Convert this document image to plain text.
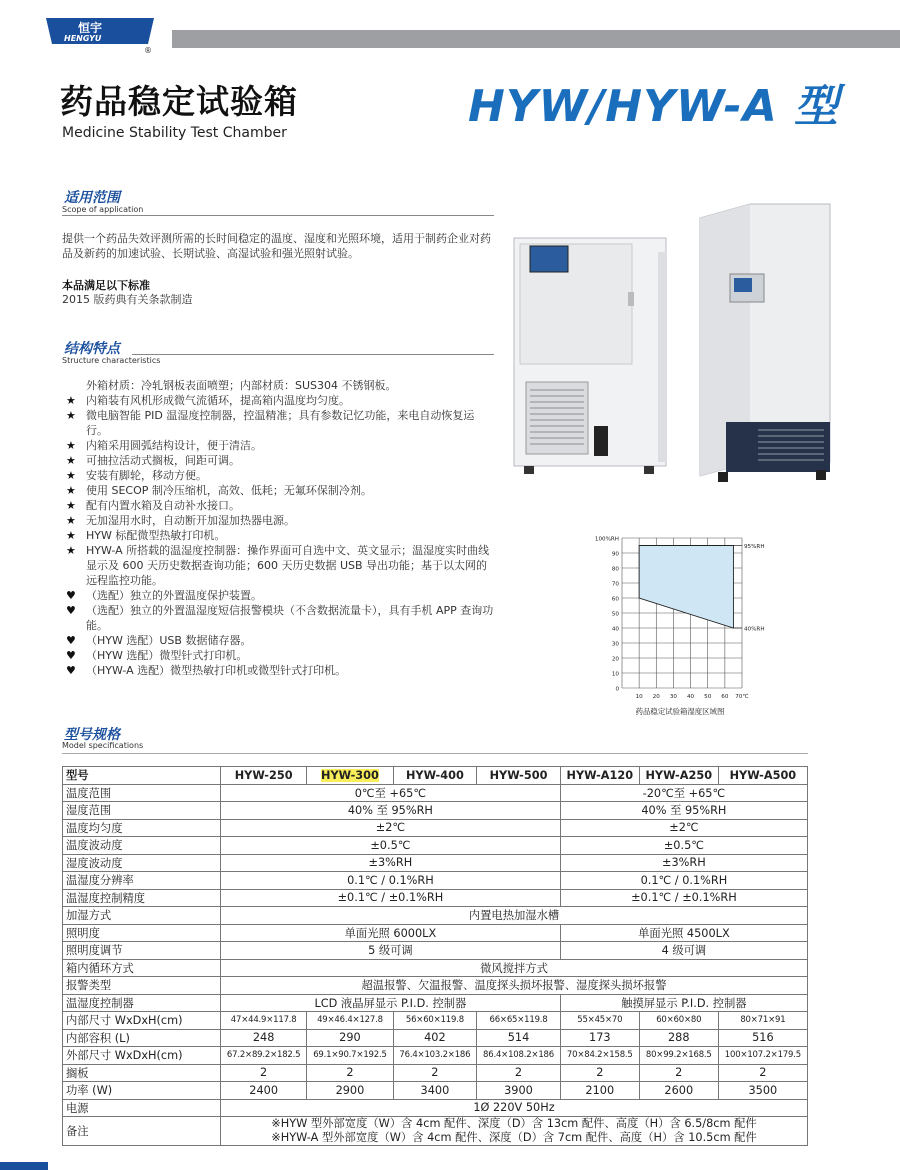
恒宇
HENGYU
®
药品稳定试验箱
Medicine Stability Test Chamber
HYW/HYW-A 型
适用范围
Scope of application
提供一个药品失效评测所需的长时间稳定的温度、湿度和光照环境，适用于制药企业对药品及新药的加速试验、长期试验、高湿试验和强光照射试验。
本品满足以下标准
2015 版药典有关条款制造
结构特点
Structure characteristics
外箱材质：冷轧钢板表面喷塑；内部材质：SUS304 不锈钢板。
★ 内箱装有风机形成微气流循环，提高箱内温度均匀度。
★ 微电脑智能 PID 温湿度控制器，控温精准；具有参数记忆功能，来电自动恢复运行。
★ 内箱采用圆弧结构设计，便于清洁。
★ 可抽拉活动式搁板，间距可调。
★ 安装有脚轮，移动方便。
★ 使用 SECOP 制冷压缩机，高效、低耗；无氟环保制冷剂。
★ 配有内置水箱及自动补水接口。
★ 无加湿用水时，自动断开加湿加热器电源。
★ HYW 标配微型热敏打印机。
★ HYW-A 所搭载的温湿度控制器：操作界面可自选中文、英文显示；温湿度实时曲线显示及 600 天历史数据查询功能；600 天历史数据 USB 导出功能；基于以太网的远程监控功能。
♥ （选配）独立的外置温度保护装置。
♥ （选配）独立的外置温湿度短信报警模块（不含数据流量卡），具有手机 APP 查询功能。
♥ （HYW 选配）USB 数据储存器。
♥ （HYW 选配）微型针式打印机。
♥ （HYW-A 选配）微型热敏打印机或微型针式打印机。
100%RH
90
80
70
60
50
40
30
20
10
0
10 20 30 40 50 60 70℃
95%RH
40%RH
药品稳定试验箱湿度区域图
型号规格
Model specifications
型号	HYW-250	HYW-300	HYW-400	HYW-500	HYW-A120	HYW-A250	HYW-A500
温度范围	0℃至 +65℃				-20℃至 +65℃		
湿度范围	40% 至 95%RH				40% 至 95%RH		
温度均匀度	±2℃				±2℃		
温度波动度	±0.5℃				±0.5℃		
湿度波动度	±3%RH				±3%RH		
温湿度分辨率	0.1℃ / 0.1%RH				0.1℃ / 0.1%RH		
温湿度控制精度	±0.1℃ / ±0.1%RH				±0.1℃ / ±0.1%RH		
加湿方式	内置电热加湿水槽						
照明度	单面光照 6000LX				单面光照 4500LX		
照明度调节	5 级可调				4 级可调		
箱内循环方式	微风搅拌方式						
报警类型	超温报警、欠温报警、温度探头损坏报警、湿度探头损坏报警						
温湿度控制器	LCD 液晶屏显示 P.I.D. 控制器				触摸屏显示 P.I.D. 控制器		
内部尺寸 WxDxH(cm)	47×44.9×117.8	49×46.4×127.8	56×60×119.8	66×65×119.8	55×45×70	60×60×80	80×71×91
内部容积 (L)	248	290	402	514	173	288	516
外部尺寸 WxDxH(cm)	67.2×89.2×182.5	69.1×90.7×192.5	76.4×103.2×186	86.4×108.2×186	70×84.2×158.5	80×99.2×168.5	100×107.2×179.5
搁板	2	2	2	2	2	2	2
功率 (W)	2400	2900	3400	3900	2100	2600	3500
电源	1Ø 220V 50Hz						
备注	※HYW 型外部宽度（W）含 4cm 配件、深度（D）含 13cm 配件、高度（H）含 6.5/8cm 配件
※HYW-A 型外部宽度（W）含 4cm 配件、深度（D）含 7cm 配件、高度（H）含 10.5cm 配件						
